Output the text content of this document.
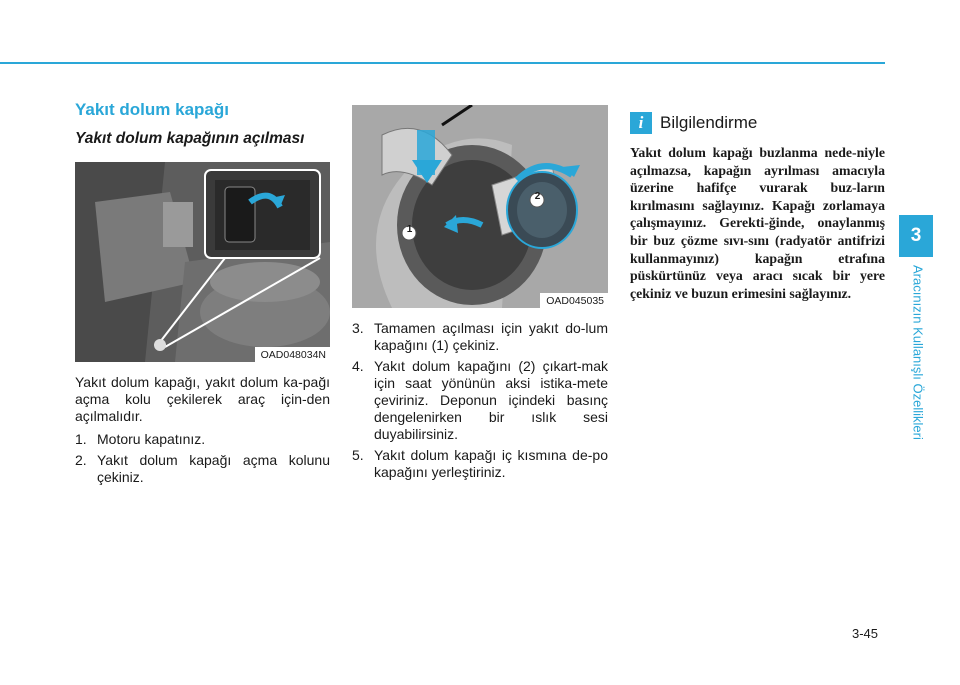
Yakıt dolum kapağı
Yakıt dolum kapağının açılması
OAD048034N

Yakıt dolum kapağı, yakıt dolum ka-pağı açma kolu çekilerek araç için-den açılmalıdır.

1. Motoru kapatınız.
2. Yakıt dolum kapağı açma kolunu çekiniz.
1
2
OAD045035
3. Tamamen açılması için yakıt do-lum kapağını (1) çekiniz.
4. Yakıt dolum kapağını (2) çıkart-mak için saat yönünün aksi istika-mete çeviriniz. Deponun içindeki basınç dengelenirken bir ıslık sesi duyabilirsiniz.
5. Yakıt dolum kapağı iç kısmına de-po kapağını yerleştiriniz.
i Bilgilendirme

Yakıt dolum kapağı buzlanma nede-niyle açılmazsa, kapağın ayrılması amacıyla üzerine hafifçe vurarak buz-ların kırılmasını sağlayınız. Kapağı zorlamaya çalışmayınız. Gerekti-ğinde, onaylanmış bir buz çözme sıvı-sını (radyatör antifrizi kullanmayınız) kapağın etrafına püskürtünüz veya aracı sıcak bir yere çekiniz ve buzun erimesini sağlayınız.

3
Aracınızın Kullanışlı Özellikleri
3-45
